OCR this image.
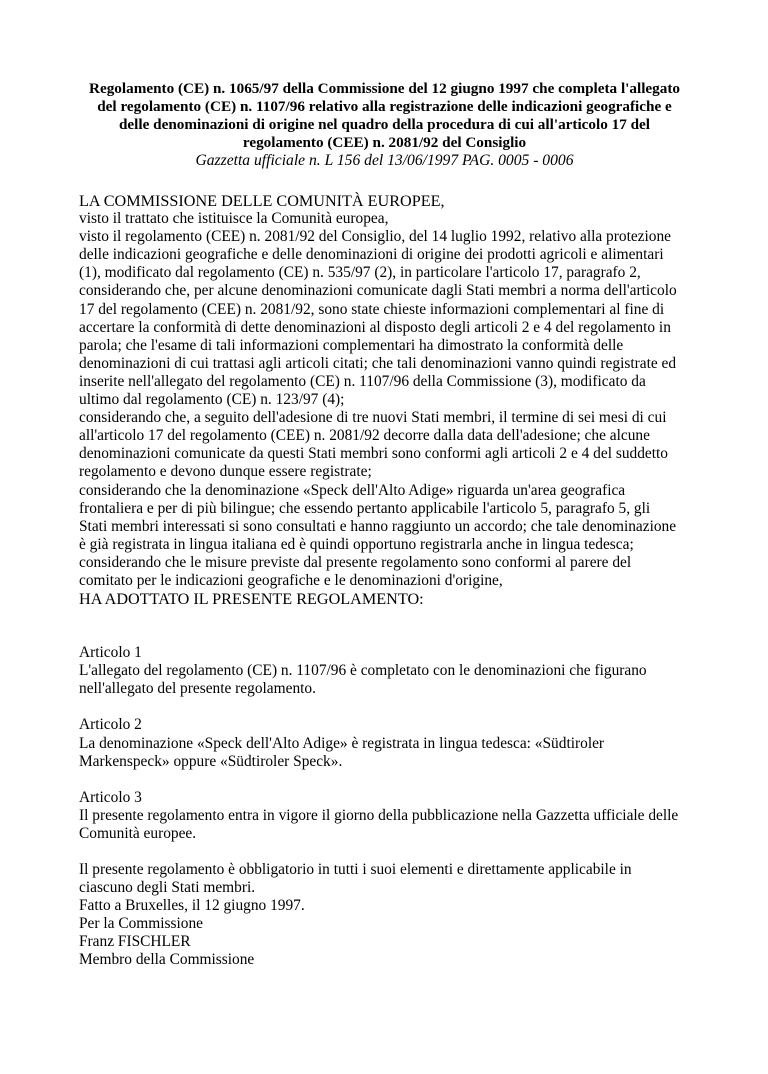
Regolamento (CE) n. 1065/97 della Commissione del 12 giugno 1997 che completa l'allegato
del regolamento (CE) n. 1107/96 relativo alla registrazione delle indicazioni geografiche e
delle denominazioni di origine nel quadro della procedura di cui all'articolo 17 del
regolamento (CEE) n. 2081/92 del Consiglio
Gazzetta ufficiale n. L 156 del 13/06/1997 PAG. 0005 - 0006
LA COMMISSIONE DELLE COMUNITÀ EUROPEE,
visto il trattato che istituisce la Comunità europea,
visto il regolamento (CEE) n. 2081/92 del Consiglio, del 14 luglio 1992, relativo alla protezione
delle indicazioni geografiche e delle denominazioni di origine dei prodotti agricoli e alimentari
(1), modificato dal regolamento (CE) n. 535/97 (2), in particolare l'articolo 17, paragrafo 2,
considerando che, per alcune denominazioni comunicate dagli Stati membri a norma dell'articolo
17 del regolamento (CEE) n. 2081/92, sono state chieste informazioni complementari al fine di
accertare la conformità di dette denominazioni al disposto degli articoli 2 e 4 del regolamento in
parola; che l'esame di tali informazioni complementari ha dimostrato la conformità delle
denominazioni di cui trattasi agli articoli citati; che tali denominazioni vanno quindi registrate ed
inserite nell'allegato del regolamento (CE) n. 1107/96 della Commissione (3), modificato da
ultimo dal regolamento (CE) n. 123/97 (4);
considerando che, a seguito dell'adesione di tre nuovi Stati membri, il termine di sei mesi di cui
all'articolo 17 del regolamento (CEE) n. 2081/92 decorre dalla data dell'adesione; che alcune
denominazioni comunicate da questi Stati membri sono conformi agli articoli 2 e 4 del suddetto
regolamento e devono dunque essere registrate;
considerando che la denominazione «Speck dell'Alto Adige» riguarda un'area geografica
frontaliera e per di più bilingue; che essendo pertanto applicabile l'articolo 5, paragrafo 5, gli
Stati membri interessati si sono consultati e hanno raggiunto un accordo; che tale denominazione
è già registrata in lingua italiana ed è quindi opportuno registrarla anche in lingua tedesca;
considerando che le misure previste dal presente regolamento sono conformi al parere del
comitato per le indicazioni geografiche e le denominazioni d'origine,
HA ADOTTATO IL PRESENTE REGOLAMENTO:
Articolo 1
L'allegato del regolamento (CE) n. 1107/96 è completato con le denominazioni che figurano
nell'allegato del presente regolamento.
Articolo 2
La denominazione «Speck dell'Alto Adige» è registrata in lingua tedesca: «Südtiroler
Markenspeck» oppure «Südtiroler Speck».
Articolo 3
Il presente regolamento entra in vigore il giorno della pubblicazione nella Gazzetta ufficiale delle
Comunità europee.
Il presente regolamento è obbligatorio in tutti i suoi elementi e direttamente applicabile in
ciascuno degli Stati membri.
Fatto a Bruxelles, il 12 giugno 1997.
Per la Commissione
Franz FISCHLER
Membro della Commissione
